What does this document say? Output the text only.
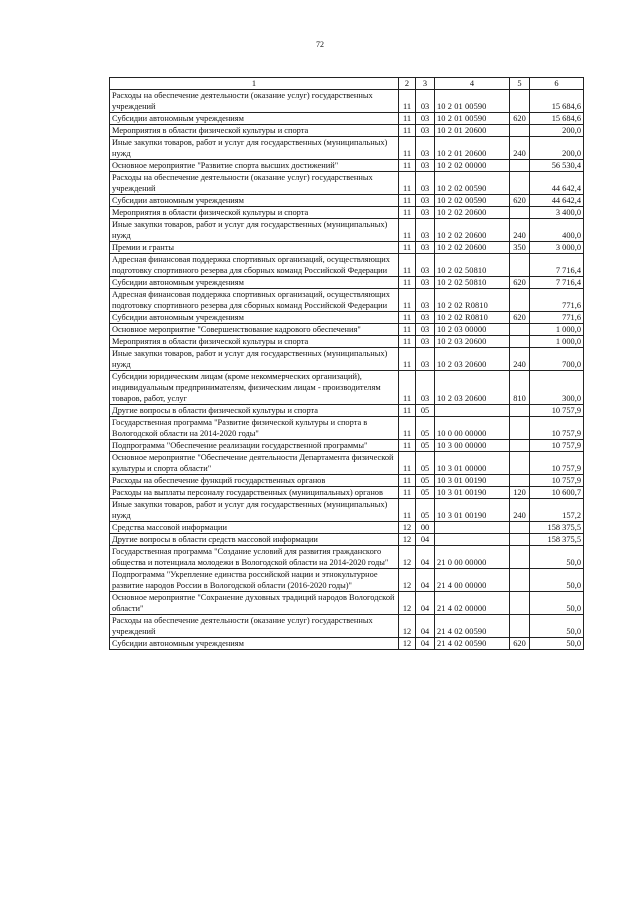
72
1	2	3	4	5	6
Расходы на обеспечение деятельности (оказание услуг) государственных учреждений	11	03	10 2 01 00590		15 684,6
Субсидии автономным учреждениям	11	03	10 2 01 00590	620	15 684,6
Мероприятия в области физической культуры и спорта	11	03	10 2 01 20600		200,0
Иные закупки товаров, работ и услуг для государственных (муниципальных) нужд	11	03	10 2 01 20600	240	200,0
Основное мероприятие "Развитие спорта высших достижений"	11	03	10 2 02 00000		56 530,4
Расходы на обеспечение деятельности (оказание услуг) государственных учреждений	11	03	10 2 02 00590		44 642,4
Субсидии автономным учреждениям	11	03	10 2 02 00590	620	44 642,4
Мероприятия в области физической культуры и спорта	11	03	10 2 02 20600		3 400,0
Иные закупки товаров, работ и услуг для государственных (муниципальных) нужд	11	03	10 2 02 20600	240	400,0
Премии и гранты	11	03	10 2 02 20600	350	3 000,0
Адресная финансовая поддержка спортивных организаций, осуществляющих подготовку спортивного резерва для сборных команд Российской Федерации	11	03	10 2 02 50810		7 716,4
Субсидии автономным учреждениям	11	03	10 2 02 50810	620	7 716,4
Адресная финансовая поддержка спортивных организаций, осуществляющих подготовку спортивного резерва для сборных команд Российской Федерации	11	03	10 2 02 R0810		771,6
Субсидии автономным учреждениям	11	03	10 2 02 R0810	620	771,6
Основное мероприятие "Совершенствование кадрового обеспечения"	11	03	10 2 03 00000		1 000,0
Мероприятия в области физической культуры и спорта	11	03	10 2 03 20600		1 000,0
Иные закупки товаров, работ и услуг для государственных (муниципальных) нужд	11	03	10 2 03 20600	240	700,0
Субсидии юридическим лицам (кроме некоммерческих организаций), индивидуальным предпринимателям, физическим лицам - производителям товаров, работ, услуг	11	03	10 2 03 20600	810	300,0
Другие вопросы в области физической культуры и спорта	11	05			10 757,9
Государственная программа "Развитие физической культуры и спорта в Вологодской области на 2014-2020 годы"	11	05	10 0 00 00000		10 757,9
Подпрограмма "Обеспечение реализации государственной программы"	11	05	10 3 00 00000		10 757,9
Основное мероприятие "Обеспечение деятельности Департамента физической культуры и спорта области"	11	05	10 3 01 00000		10 757,9
Расходы на обеспечение функций государственных органов	11	05	10 3 01 00190		10 757,9
Расходы на выплаты персоналу государственных (муниципальных) органов	11	05	10 3 01 00190	120	10 600,7
Иные закупки товаров, работ и услуг для государственных (муниципальных) нужд	11	05	10 3 01 00190	240	157,2
Средства массовой информации	12	00			158 375,5
Другие вопросы в области средств массовой информации	12	04			158 375,5
Государственная программа "Создание условий для развития гражданского общества и потенциала молодежи в Вологодской области на 2014-2020 годы"	12	04	21 0 00 00000		50,0
Подпрограмма "Укрепление единства российской нации и этнокультурное развитие народов России в Вологодской области (2016-2020 годы)"	12	04	21 4 00 00000		50,0
Основное мероприятие "Сохранение духовных традиций народов Вологодской области"	12	04	21 4 02 00000		50,0
Расходы на обеспечение деятельности (оказание услуг) государственных учреждений	12	04	21 4 02 00590		50,0
Субсидии автономным учреждениям	12	04	21 4 02 00590	620	50,0
